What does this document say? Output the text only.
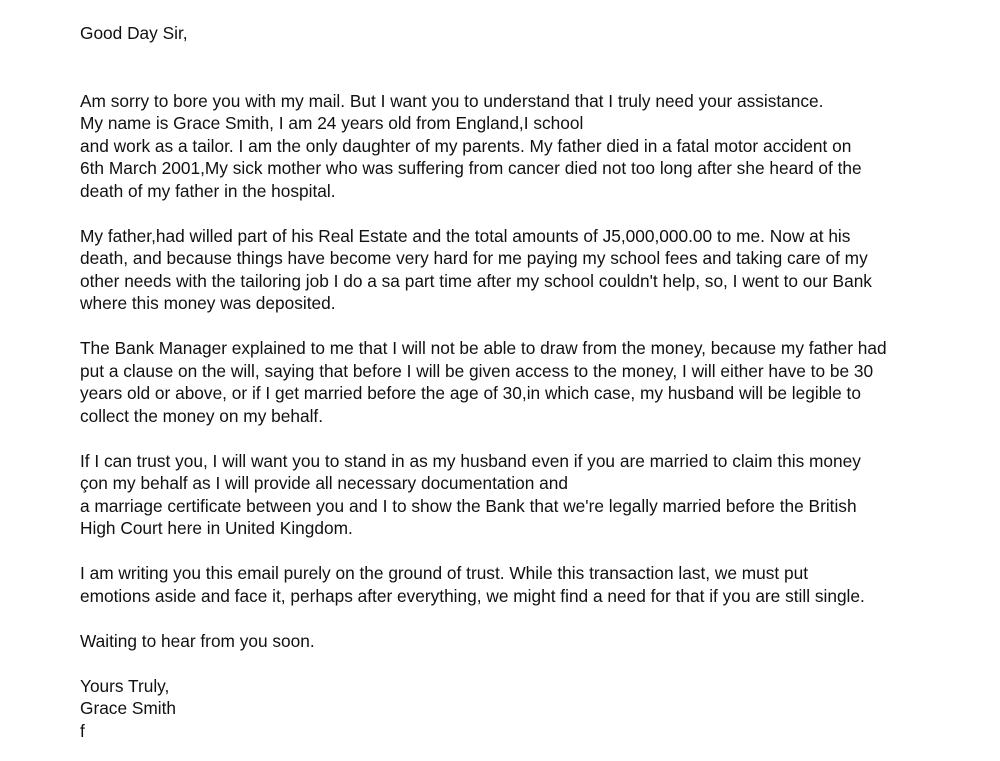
Good Day Sir,
Am sorry to bore you with my mail. But I want you to understand that I truly need your assistance.
My name is Grace Smith, I am 24 years old from England,I school
and work as a tailor. I am the only daughter of my parents. My father died in a fatal motor accident on
6th March 2001,My sick mother who was suffering from cancer died not too long after she heard of the
death of my father in the hospital.
My father,had willed part of his Real Estate and the total amounts of J5,000,000.00 to me. Now at his
death, and because things have become very hard for me paying my school fees and taking care of my
other needs with the tailoring job I do a sa part time after my school couldn't help, so, I went to our Bank
where this money was deposited.
The Bank Manager explained to me that I will not be able to draw from the money, because my father had
put a clause on the will, saying that before I will be given access to the money, I will either have to be 30
years old or above, or if I get married before the age of 30,in which case, my husband will be legible to
collect the money on my behalf.
If I can trust you, I will want you to stand in as my husband even if you are married to claim this money
çon my behalf as I will provide all necessary documentation and
a marriage certificate between you and I to show the Bank that we're legally married before the British
High Court here in United Kingdom.
I am writing you this email purely on the ground of trust. While this transaction last, we must put
emotions aside and face it, perhaps after everything, we might find a need for that if you are still single.
Waiting to hear from you soon.
Yours Truly,
Grace Smith
f
